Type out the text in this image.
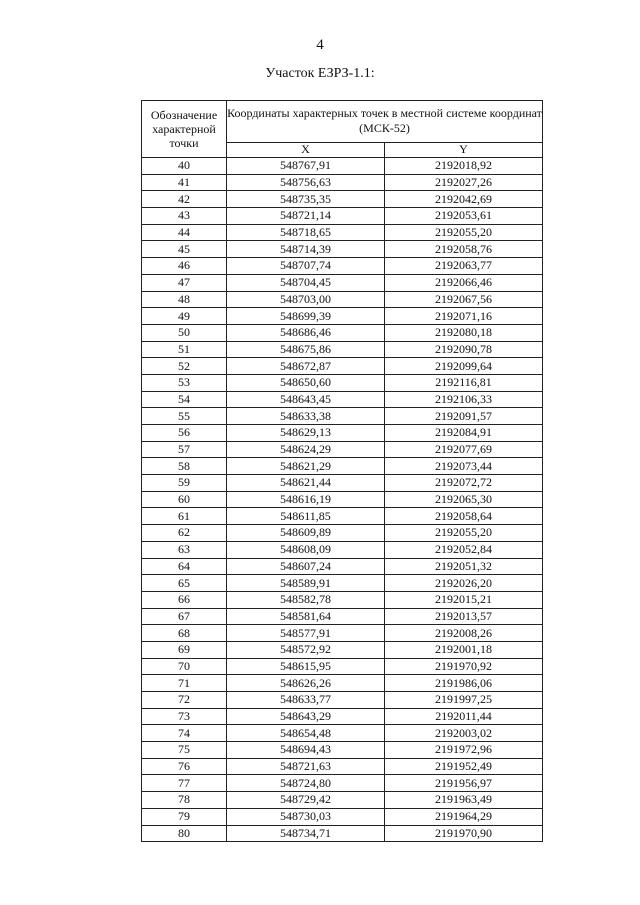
4
Участок ЕЗРЗ-1.1:
Обозначение характерной точки	Координаты характерных точек в местной системе координат (МСК-52)	
	X	Y
40	548767,91	2192018,92
41	548756,63	2192027,26
42	548735,35	2192042,69
43	548721,14	2192053,61
44	548718,65	2192055,20
45	548714,39	2192058,76
46	548707,74	2192063,77
47	548704,45	2192066,46
48	548703,00	2192067,56
49	548699,39	2192071,16
50	548686,46	2192080,18
51	548675,86	2192090,78
52	548672,87	2192099,64
53	548650,60	2192116,81
54	548643,45	2192106,33
55	548633,38	2192091,57
56	548629,13	2192084,91
57	548624,29	2192077,69
58	548621,29	2192073,44
59	548621,44	2192072,72
60	548616,19	2192065,30
61	548611,85	2192058,64
62	548609,89	2192055,20
63	548608,09	2192052,84
64	548607,24	2192051,32
65	548589,91	2192026,20
66	548582,78	2192015,21
67	548581,64	2192013,57
68	548577,91	2192008,26
69	548572,92	2192001,18
70	548615,95	2191970,92
71	548626,26	2191986,06
72	548633,77	2191997,25
73	548643,29	2192011,44
74	548654,48	2192003,02
75	548694,43	2191972,96
76	548721,63	2191952,49
77	548724,80	2191956,97
78	548729,42	2191963,49
79	548730,03	2191964,29
80	548734,71	2191970,90
